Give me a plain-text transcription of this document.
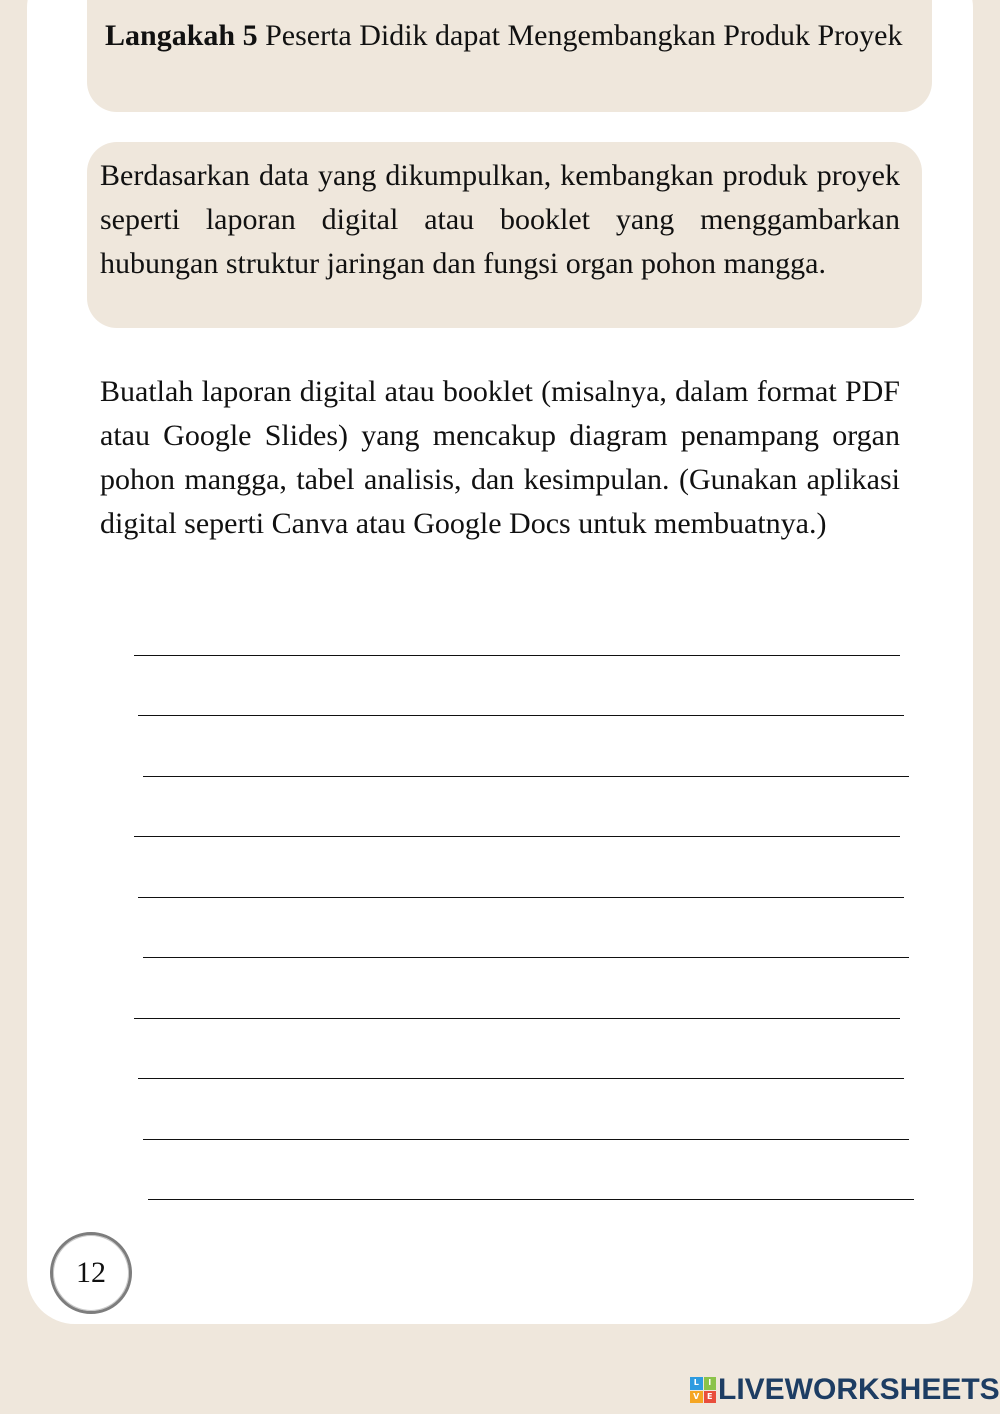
Langakah 5 Peserta Didik dapat Mengembangkan Produk Proyek

Berdasarkan data yang dikumpulkan, kembangkan produk proyek seperti laporan digital atau booklet yang menggambarkan hubungan struktur jaringan dan fungsi organ pohon mangga.

Buatlah laporan digital atau booklet (misalnya, dalam format PDF atau Google Slides) yang mencakup diagram penampang organ pohon mangga, tabel analisis, dan kesimpulan. (Gunakan aplikasi digital seperti Canva atau Google Docs untuk membuatnya.)

12
L	I
V E LIVEWORKSHEETS
